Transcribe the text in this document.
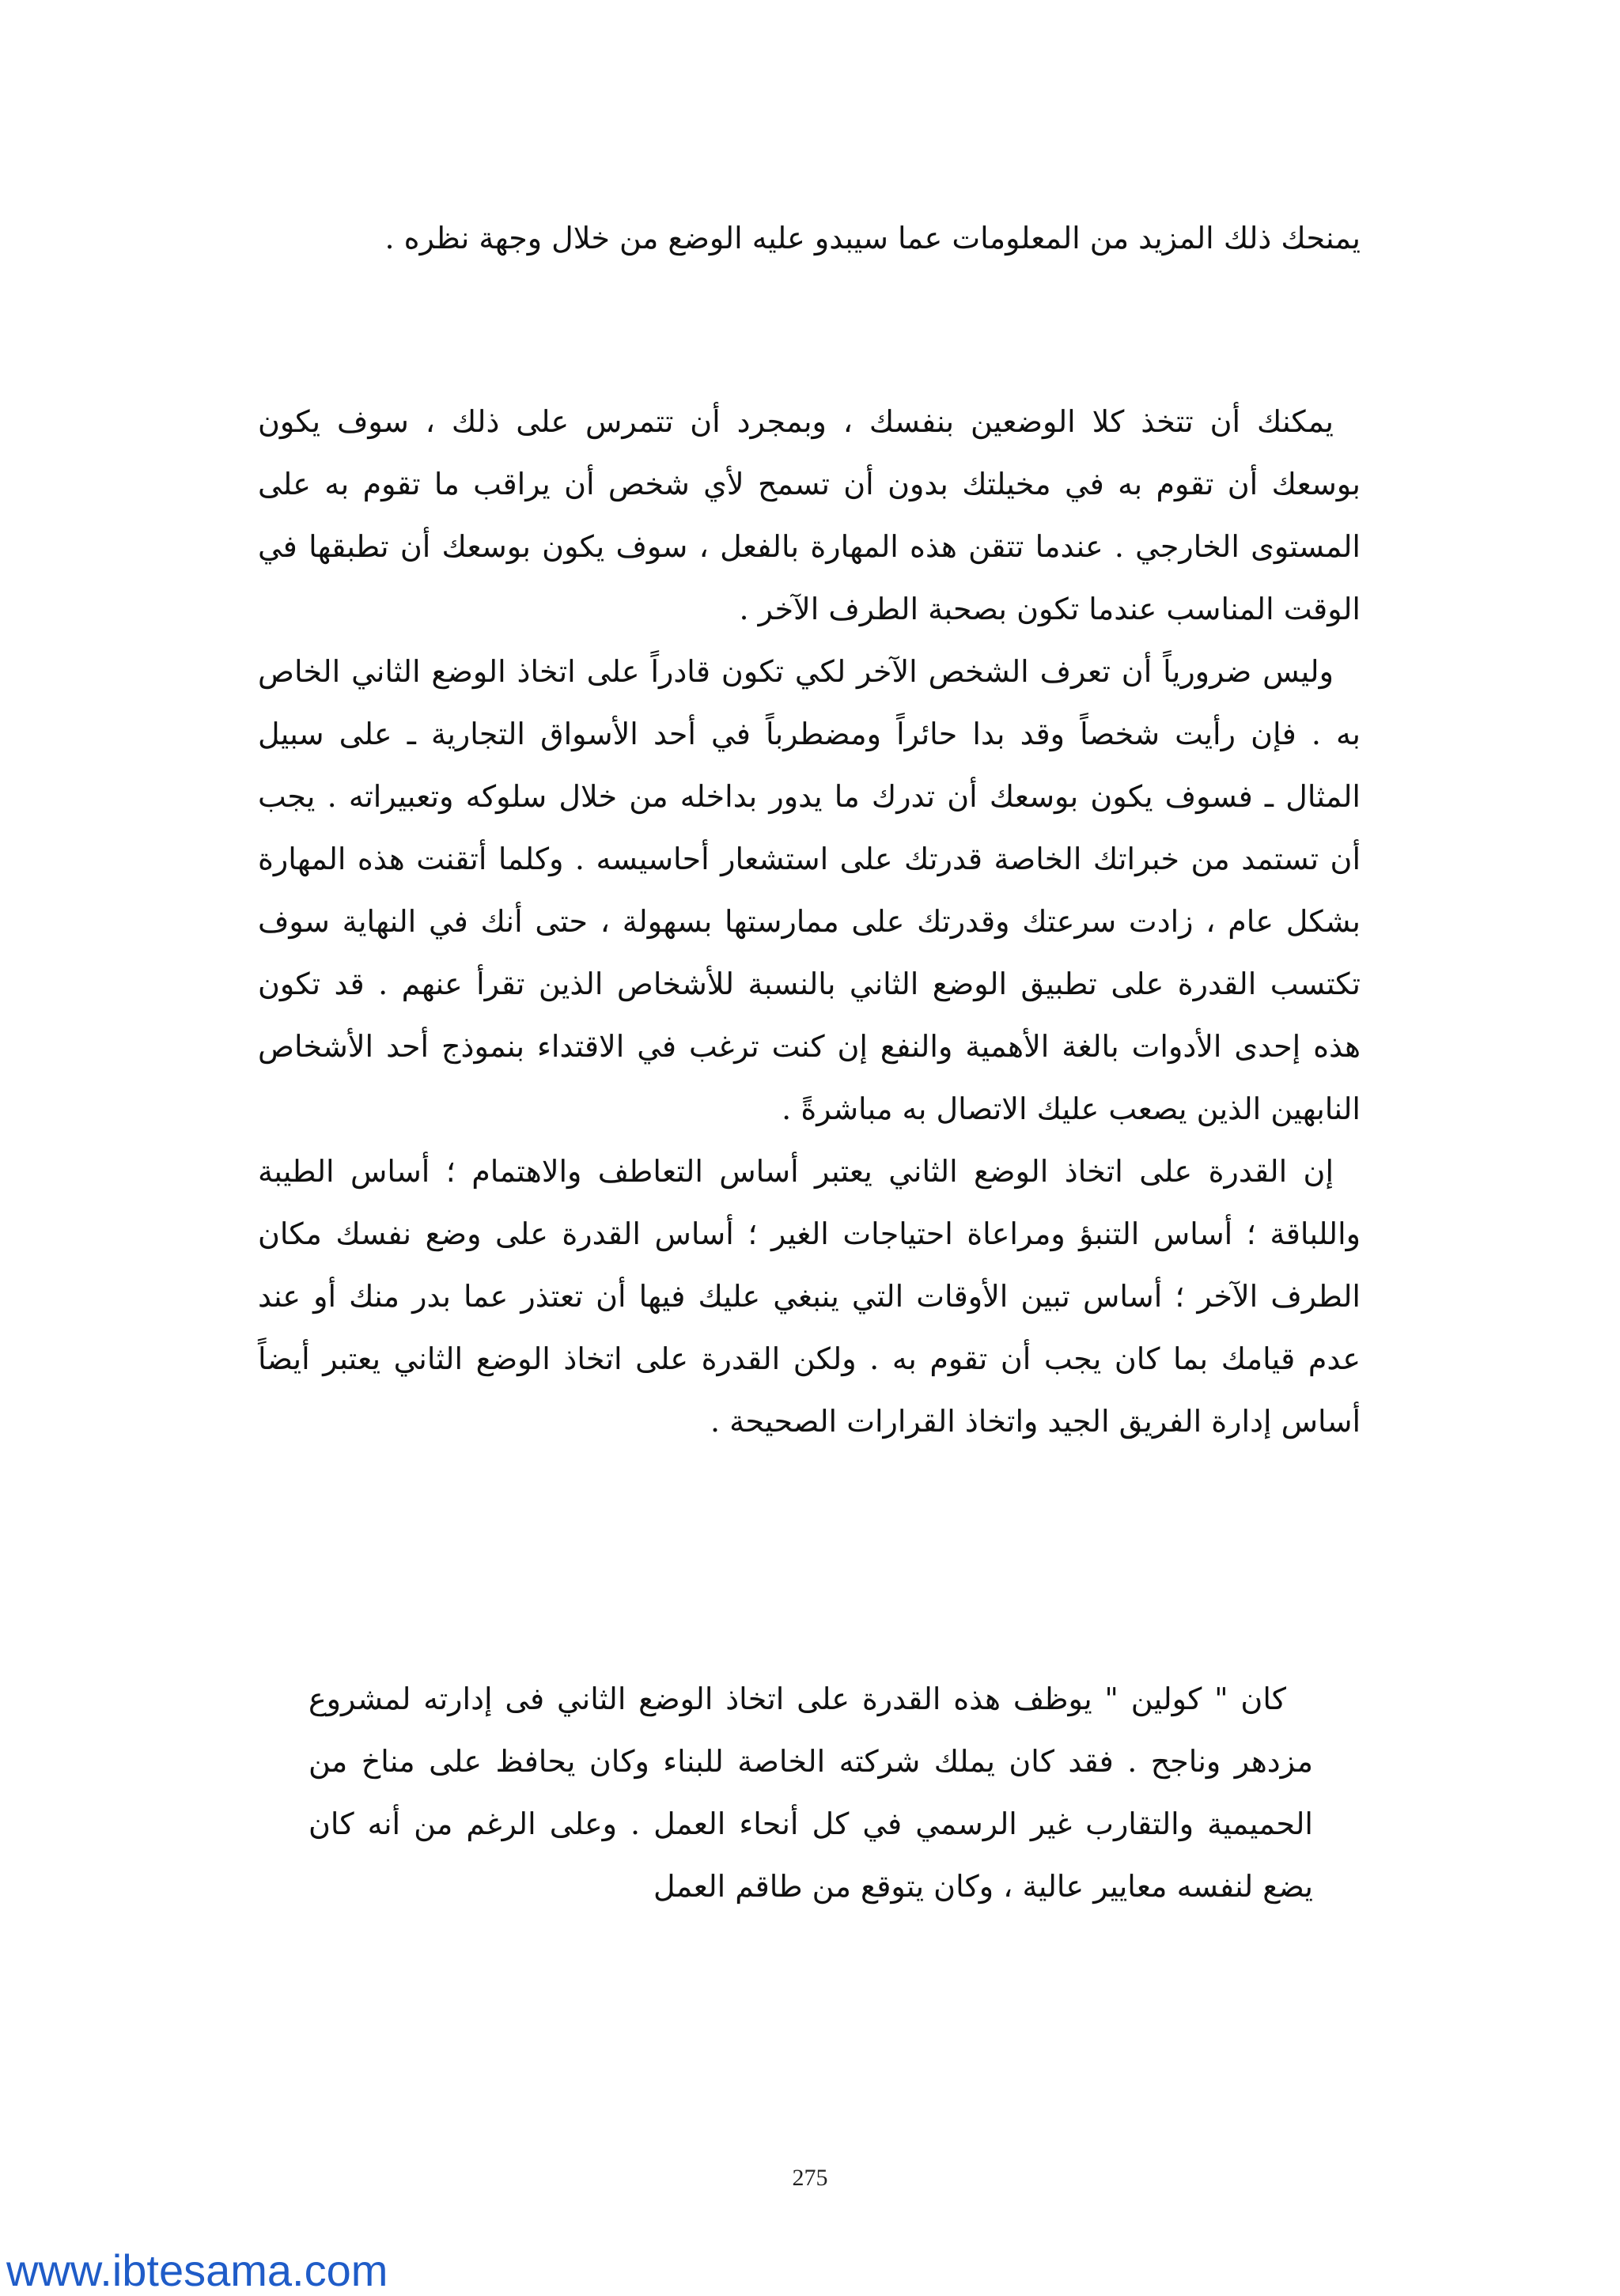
يمنحك ذلك المزيد من المعلومات عما سيبدو عليه الوضع من خلال وجهة نظره .

يمكنك أن تتخذ كلا الوضعين بنفسك ، وبمجرد أن تتمرس على ذلك ، سوف يكون بوسعك أن تقوم به في مخيلتك بدون أن تسمح لأي شخص أن يراقب ما تقوم به على المستوى الخارجي . عندما تتقن هذه المهارة بالفعل ، سوف يكون بوسعك أن تطبقها في الوقت المناسب عندما تكون بصحبة الطرف الآخر .

وليس ضرورياً أن تعرف الشخص الآخر لكي تكون قادراً على اتخاذ الوضع الثاني الخاص به . فإن رأيت شخصاً وقد بدا حائراً ومضطرباً في أحد الأسواق التجارية ـ على سبيل المثال ـ فسوف يكون بوسعك أن تدرك ما يدور بداخله من خلال سلوكه وتعبيراته . يجب أن تستمد من خبراتك الخاصة قدرتك على استشعار أحاسيسه . وكلما أتقنت هذه المهارة بشكل عام ، زادت سرعتك وقدرتك على ممارستها بسهولة ، حتى أنك في النهاية سوف تكتسب القدرة على تطبيق الوضع الثاني بالنسبة للأشخاص الذين تقرأ عنهم . قد تكون هذه إحدى الأدوات بالغة الأهمية والنفع إن كنت ترغب في الاقتداء بنموذج أحد الأشخاص النابهين الذين يصعب عليك الاتصال به مباشرةً .

إن القدرة على اتخاذ الوضع الثاني يعتبر أساس التعاطف والاهتمام ؛ أساس الطيبة واللباقة ؛ أساس التنبؤ ومراعاة احتياجات الغير ؛ أساس القدرة على وضع نفسك مكان الطرف الآخر ؛ أساس تبين الأوقات التي ينبغي عليك فيها أن تعتذر عما بدر منك أو عند عدم قيامك بما كان يجب أن تقوم به . ولكن القدرة على اتخاذ الوضع الثاني يعتبر أيضاً أساس إدارة الفريق الجيد واتخاذ القرارات الصحيحة .

كان " كولين " يوظف هذه القدرة على اتخاذ الوضع الثاني فى إدارته لمشروع مزدهر وناجح . فقد كان يملك شركته الخاصة للبناء وكان يحافظ على مناخ من الحميمية والتقارب غير الرسمي في كل أنحاء العمل . وعلى الرغم من أنه كان يضع لنفسه معايير عالية ، وكان يتوقع من طاقم العمل

275
www.ibtesama.com
